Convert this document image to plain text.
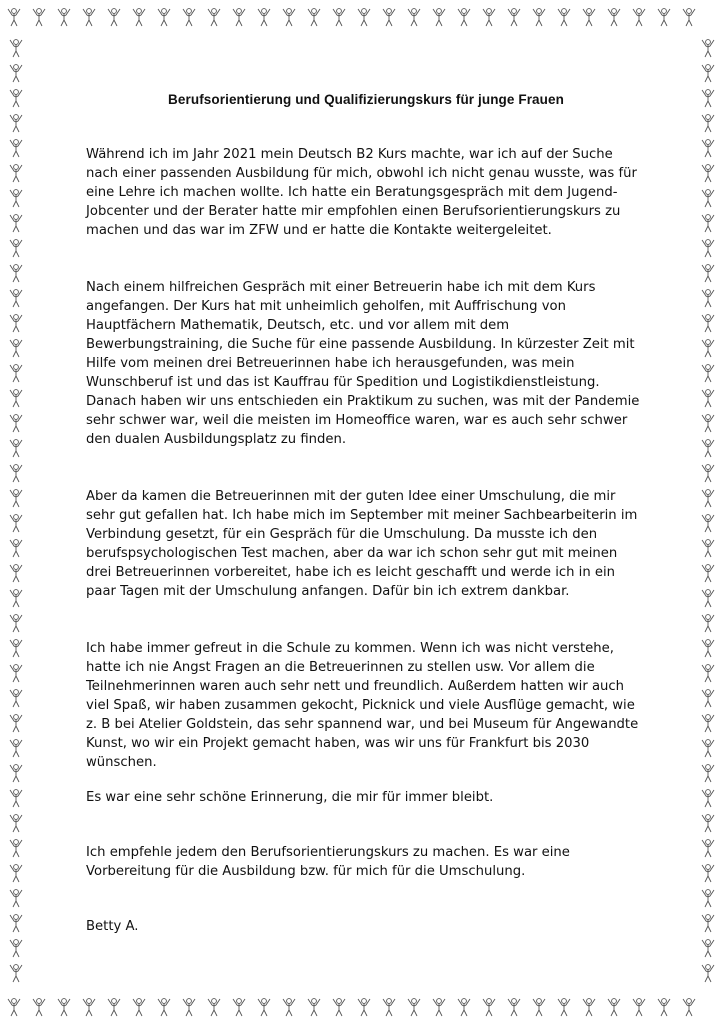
Berufsorientierung und Qualifizierungskurs für junge Frauen

Während ich im Jahr 2021 mein Deutsch B2 Kurs machte, war ich auf der Suche nach einer passenden Ausbildung für mich, obwohl ich nicht genau wusste, was für eine Lehre ich machen wollte. Ich hatte ein Beratungsgespräch mit dem Jugend-Jobcenter und der Berater hatte mir empfohlen einen Berufsorientierungskurs zu machen und das war im ZFW und er hatte die Kontakte weitergeleitet.

Nach einem hilfreichen Gespräch mit einer Betreuerin habe ich mit dem Kurs angefangen. Der Kurs hat mit unheimlich geholfen, mit Auffrischung von Hauptfächern Mathematik, Deutsch, etc. und vor allem mit dem Bewerbungstraining, die Suche für eine passende Ausbildung. In kürzester Zeit mit Hilfe vom meinen drei Betreuerinnen habe ich herausgefunden, was mein Wunschberuf ist und das ist Kauffrau für Spedition und Logistikdienstleistung. Danach haben wir uns entschieden ein Praktikum zu suchen, was mit der Pandemie sehr schwer war, weil die meisten im Homeoffice waren, war es auch sehr schwer den dualen Ausbildungsplatz zu finden.

Aber da kamen die Betreuerinnen mit der guten Idee einer Umschulung, die mir sehr gut gefallen hat. Ich habe mich im September mit meiner Sachbearbeiterin im Verbindung gesetzt, für ein Gespräch für die Umschulung. Da musste ich den berufspsychologischen Test machen, aber da war ich schon sehr gut mit meinen drei Betreuerinnen vorbereitet, habe ich es leicht geschafft und werde ich in ein paar Tagen mit der Umschulung anfangen. Dafür bin ich extrem dankbar.

Ich habe immer gefreut in die Schule zu kommen. Wenn ich was nicht verstehe, hatte ich nie Angst Fragen an die Betreuerinnen zu stellen usw. Vor allem die Teilnehmerinnen waren auch sehr nett und freundlich. Außerdem hatten wir auch viel Spaß, wir haben zusammen gekocht, Picknick und viele Ausflüge gemacht, wie z. B bei Atelier Goldstein, das sehr spannend war, und bei Museum für Angewandte Kunst, wo wir ein Projekt gemacht haben, was wir uns für Frankfurt bis 2030 wünschen.

Es war eine sehr schöne Erinnerung, die mir für immer bleibt.

Ich empfehle jedem den Berufsorientierungskurs zu machen. Es war eine Vorbereitung für die Ausbildung bzw. für mich für die Umschulung.

Betty A.
